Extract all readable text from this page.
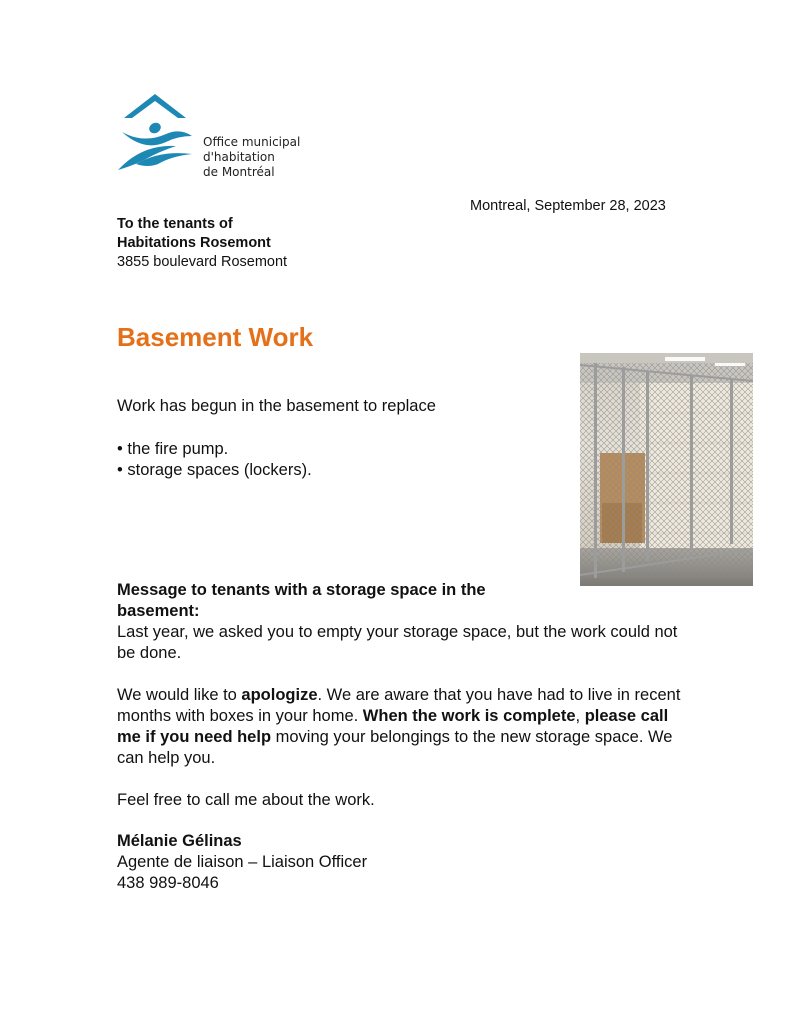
Office municipal
d'habitation
de Montréal
Montreal, September 28, 2023
To the tenants of
Habitations Rosemont
3855 boulevard Rosemont
Basement Work
Work has begun in the basement to replace
• the fire pump.
• storage spaces (lockers).
Message to tenants with a storage space in the basement:

Last year, we asked you to empty your storage space, but the work could not be done.

We would like to apologize. We are aware that you have had to live in recent months with boxes in your home. When the work is complete, please call me if you need help moving your belongings to the new storage space. We can help you.

Feel free to call me about the work.

Mélanie Gélinas
Agente de liaison – Liaison Officer
438 989-8046
